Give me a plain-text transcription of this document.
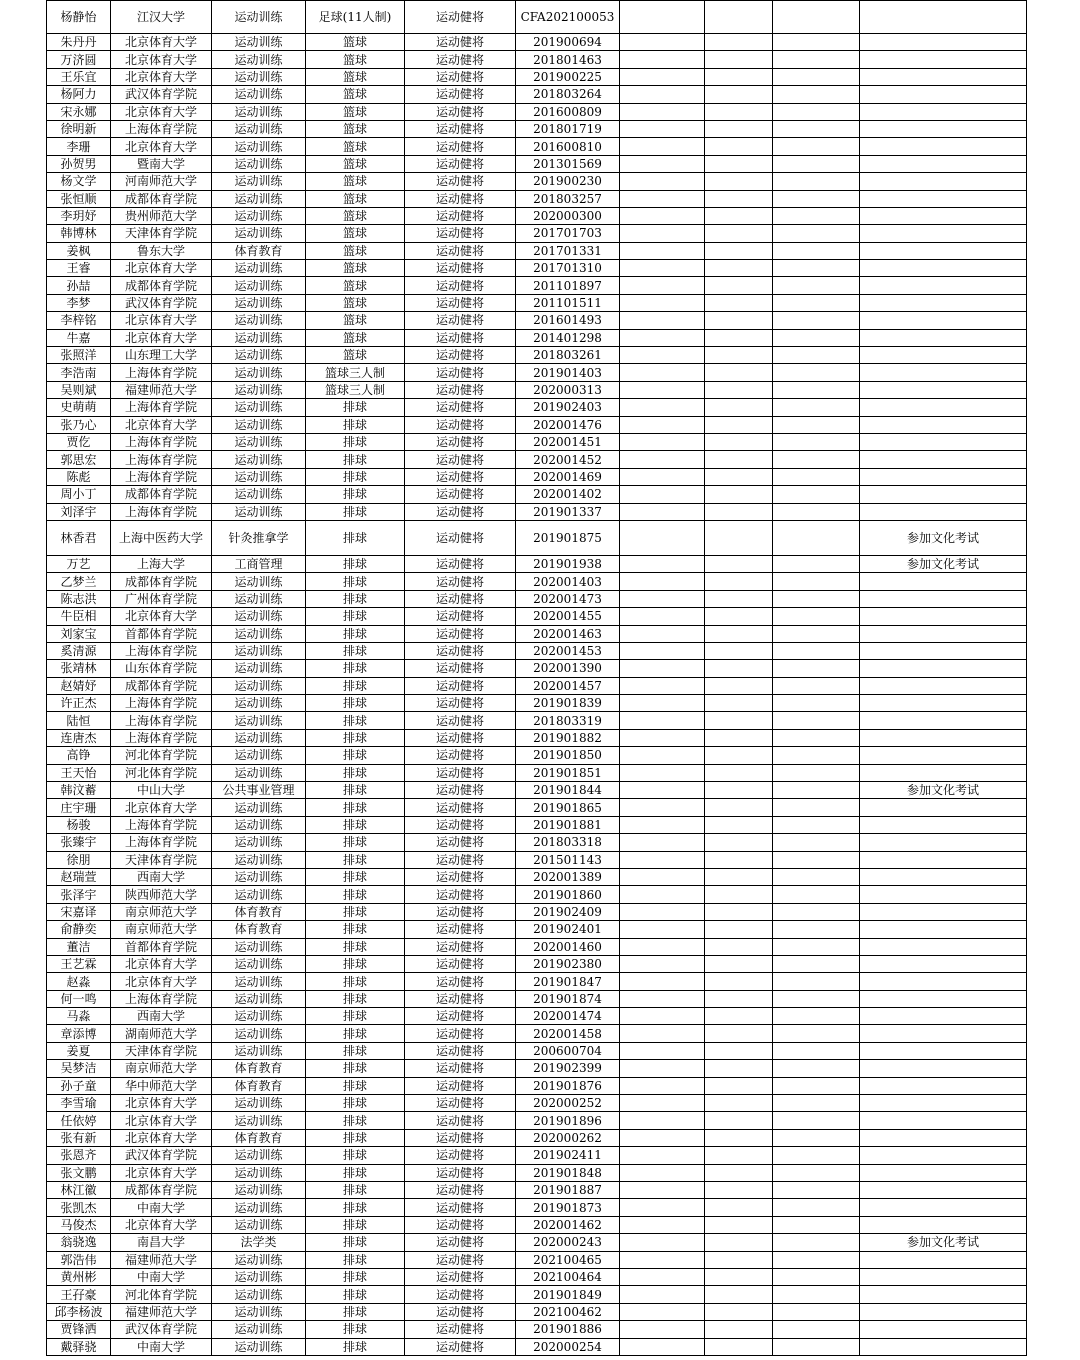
杨静怡	江汉大学	运动训练	足球(11人制)	运动健将	CFA202100053				
朱丹丹	北京体育大学	运动训练	篮球	运动健将	201900694				
万济圆	北京体育大学	运动训练	篮球	运动健将	201801463				
王乐宜	北京体育大学	运动训练	篮球	运动健将	201900225				
杨阿力	武汉体育学院	运动训练	篮球	运动健将	201803264				
宋永娜	北京体育大学	运动训练	篮球	运动健将	201600809				
徐明新	上海体育学院	运动训练	篮球	运动健将	201801719				
李珊	北京体育大学	运动训练	篮球	运动健将	201600810				
孙贺男	暨南大学	运动训练	篮球	运动健将	201301569				
杨文学	河南师范大学	运动训练	篮球	运动健将	201900230				
张恒顺	成都体育学院	运动训练	篮球	运动健将	201803257				
李玥妤	贵州师范大学	运动训练	篮球	运动健将	202000300				
韩博林	天津体育学院	运动训练	篮球	运动健将	201701703				
姜枫	鲁东大学	体育教育	篮球	运动健将	201701331				
王睿	北京体育大学	运动训练	篮球	运动健将	201701310				
孙喆	成都体育学院	运动训练	篮球	运动健将	201101897				
李梦	武汉体育学院	运动训练	篮球	运动健将	201101511				
李梓铭	北京体育大学	运动训练	篮球	运动健将	201601493				
牛嘉	北京体育大学	运动训练	篮球	运动健将	201401298				
张照洋	山东理工大学	运动训练	篮球	运动健将	201803261				
李浩南	上海体育学院	运动训练	篮球三人制	运动健将	201901403				
吴则斌	福建师范大学	运动训练	篮球三人制	运动健将	202000313				
史萌萌	上海体育学院	运动训练	排球	运动健将	201902403				
张乃心	北京体育大学	运动训练	排球	运动健将	202001476				
贾仡	上海体育学院	运动训练	排球	运动健将	202001451				
郭思宏	上海体育学院	运动训练	排球	运动健将	202001452				
陈彪	上海体育学院	运动训练	排球	运动健将	202001469				
周小丁	成都体育学院	运动训练	排球	运动健将	202001402				
刘泽宇	上海体育学院	运动训练	排球	运动健将	201901337				
林香君	上海中医药大学	针灸推拿学	排球	运动健将	201901875				参加文化考试
万艺	上海大学	工商管理	排球	运动健将	201901938				参加文化考试
乙梦兰	成都体育学院	运动训练	排球	运动健将	202001403				
陈志洪	广州体育学院	运动训练	排球	运动健将	202001473				
牛臣相	北京体育大学	运动训练	排球	运动健将	202001455				
刘家宝	首都体育学院	运动训练	排球	运动健将	202001463				
奚清源	上海体育学院	运动训练	排球	运动健将	202001453				
张靖林	山东体育学院	运动训练	排球	运动健将	202001390				
赵婧妤	成都体育学院	运动训练	排球	运动健将	202001457				
许正杰	上海体育学院	运动训练	排球	运动健将	201901839				
陆恒	上海体育学院	运动训练	排球	运动健将	201803319				
连唐杰	上海体育学院	运动训练	排球	运动健将	201901882				
高铮	河北体育学院	运动训练	排球	运动健将	201901850				
王天怡	河北体育学院	运动训练	排球	运动健将	201901851				
韩汶蓄	中山大学	公共事业管理	排球	运动健将	201901844				参加文化考试
庄宇珊	北京体育大学	运动训练	排球	运动健将	201901865				
杨骏	上海体育学院	运动训练	排球	运动健将	201901881				
张臻宇	上海体育学院	运动训练	排球	运动健将	201803318				
徐朋	天津体育学院	运动训练	排球	运动健将	201501143				
赵瑞萱	西南大学	运动训练	排球	运动健将	202001389				
张泽宇	陕西师范大学	运动训练	排球	运动健将	201901860				
宋嘉译	南京师范大学	体育教育	排球	运动健将	201902409				
俞静奕	南京师范大学	体育教育	排球	运动健将	201902401				
董洁	首都体育学院	运动训练	排球	运动健将	202001460				
王艺霖	北京体育大学	运动训练	排球	运动健将	201902380				
赵淼	北京体育大学	运动训练	排球	运动健将	201901847				
何一鸣	上海体育学院	运动训练	排球	运动健将	201901874				
马淼	西南大学	运动训练	排球	运动健将	202001474				
章添博	湖南师范大学	运动训练	排球	运动健将	202001458				
姜夏	天津体育学院	运动训练	排球	运动健将	200600704				
吴梦洁	南京师范大学	体育教育	排球	运动健将	201902399				
孙子童	华中师范大学	体育教育	排球	运动健将	201901876				
李雪瑜	北京体育大学	运动训练	排球	运动健将	202000252				
任依婷	北京体育大学	运动训练	排球	运动健将	201901896				
张有新	北京体育大学	体育教育	排球	运动健将	202000262				
张恩齐	武汉体育学院	运动训练	排球	运动健将	201902411				
张文鹏	北京体育大学	运动训练	排球	运动健将	201901848				
林江徽	成都体育学院	运动训练	排球	运动健将	201901887				
张凯杰	中南大学	运动训练	排球	运动健将	201901873				
马俊杰	北京体育大学	运动训练	排球	运动健将	202001462				
翁骁逸	南昌大学	法学类	排球	运动健将	202000243				参加文化考试
郭浩伟	福建师范大学	运动训练	排球	运动健将	202100465				
黄州彬	中南大学	运动训练	排球	运动健将	202100464				
王孖豪	河北体育学院	运动训练	排球	运动健将	201901849				
邱李杨波	福建师范大学	运动训练	排球	运动健将	202100462				
贾锋洒	武汉体育学院	运动训练	排球	运动健将	201901886				
戴驿骁	中南大学	运动训练	排球	运动健将	202000254				
